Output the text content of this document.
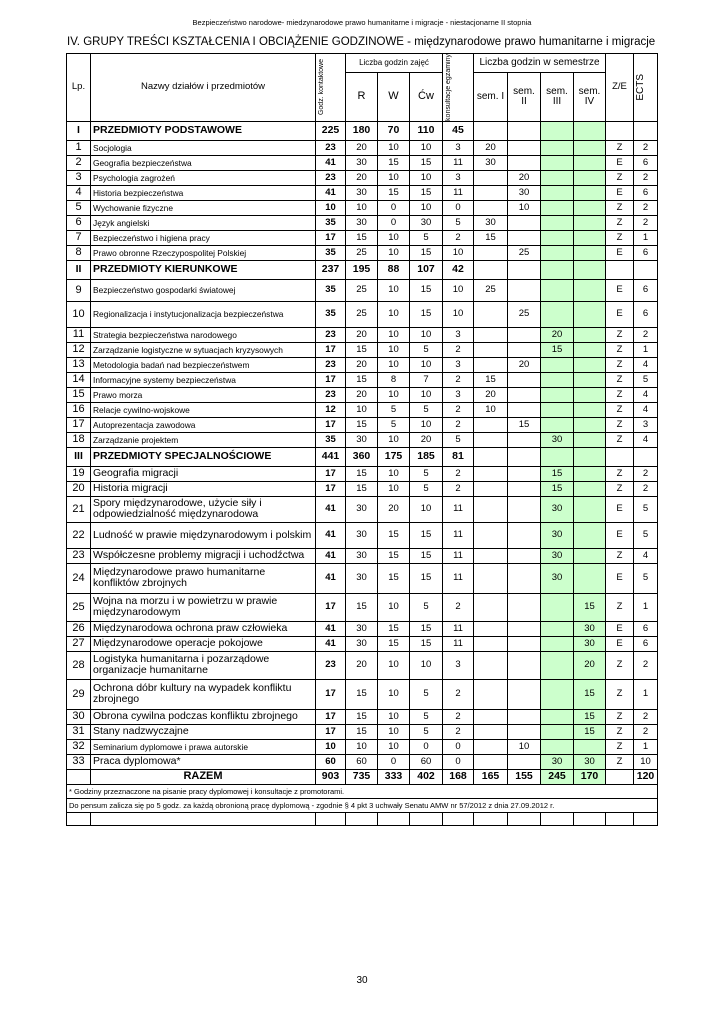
Bezpieczeństwo narodowe- miedzynarodowe prawo humanitarne i migracje - niestacjonarne II stopnia
IV. GRUPY TREŚCI KSZTAŁCENIA I OBCIĄŻENIE GODZINOWE - międzynarodowe prawo humanitarne i migracje
Lp.	Nazwy działów i przedmiotów	Godz. kontaktowe	Liczba godzin zajęć			konsultacje egzaminy	Liczba godzin w semestrze				Z/E	ECTS

			R	W	Ćw		sem. I	sem. II	sem. III	sem. IV		
I	PRZEDMIOTY PODSTAWOWE	225	180	70	110	45						
1	Socjologia	23	20	10	10	3	20				Z	2
2	Geografia bezpieczeństwa	41	30	15	15	11	30				E	6
3	Psychologia zagrożeń	23	20	10	10	3		20			Z	2
4	Historia bezpieczeństwa	41	30	15	15	11		30			E	6
5	Wychowanie fizyczne	10	10	0	10	0		10			Z	2
6	Język angielski	35	30	0	30	5	30				Z	2
7	Bezpieczeństwo i higiena pracy	17	15	10	5	2	15				Z	1
8	Prawo obronne Rzeczypospolitej Polskiej	35	25	10	15	10		25			E	6
II	PRZEDMIOTY KIERUNKOWE	237	195	88	107	42						
9	Bezpieczeństwo gospodarki światowej	35	25	10	15	10	25				E	6
10	Regionalizacja i instytucjonalizacja bezpieczeństwa	35	25	10	15	10		25			E	6
11	Strategia bezpieczeństwa narodowego	23	20	10	10	3			20		Z	2
12	Zarządzanie logistyczne w sytuacjach kryzysowych	17	15	10	5	2			15		Z	1
13	Metodologia badań nad bezpieczeństwem	23	20	10	10	3		20			Z	4
14	Informacyjne systemy bezpieczeństwa	17	15	8	7	2	15				Z	5
15	Prawo morza	23	20	10	10	3	20				Z	4
16	Relacje cywilno-wojskowe	12	10	5	5	2	10				Z	4
17	Autoprezentacja zawodowa	17	15	5	10	2		15			Z	3
18	Zarządzanie projektem	35	30	10	20	5			30		Z	4
III	PRZEDMIOTY SPECJALNOŚCIOWE	441	360	175	185	81						
19	Geografia migracji	17	15	10	5	2			15		Z	2
20	Historia migracji	17	15	10	5	2			15		Z	2
21	Spory międzynarodowe, użycie siły i odpowiedzialność międzynarodowa	41	30	20	10	11			30		E	5
22	Ludność w prawie międzynarodowym i polskim	41	30	15	15	11			30		E	5
23	Współczesne problemy migracji i uchodźctwa	41	30	15	15	11			30		Z	4
24	Międzynarodowe prawo humanitarne konfliktów zbrojnych	41	30	15	15	11			30		E	5
25	Wojna na morzu i w powietrzu w prawie międzynarodowym	17	15	10	5	2				15	Z	1
26	Międzynarodowa ochrona praw człowieka	41	30	15	15	11				30	E	6
27	Międzynarodowe operacje pokojowe	41	30	15	15	11				30	E	6
28	Logistyka humanitarna i pozarządowe organizacje humanitarne	23	20	10	10	3				20	Z	2
29	Ochrona dóbr kultury na wypadek konfliktu zbrojnego	17	15	10	5	2				15	Z	1
30	Obrona cywilna podczas konfliktu zbrojnego	17	15	10	5	2				15	Z	2
31	Stany nadzwyczajne	17	15	10	5	2				15	Z	2
32	Seminarium dyplomowe i prawa autorskie	10	10	10	0	0		10			Z	1
33	Praca dyplomowa*	60	60	0	60	0			30	30	Z	10
	RAZEM	903	735	333	402	168	165	155	245	170		120
* Godziny przeznaczone na pisanie pracy dyplomowej i konsultacje z promotorami.												
Do pensum zalicza się po 5 godz. za każdą obronioną pracę dyplomową - zgodnie § 4 pkt 3 uchwały Senatu AMW nr 57/2012 z dnia 27.09.2012 r.												

30
